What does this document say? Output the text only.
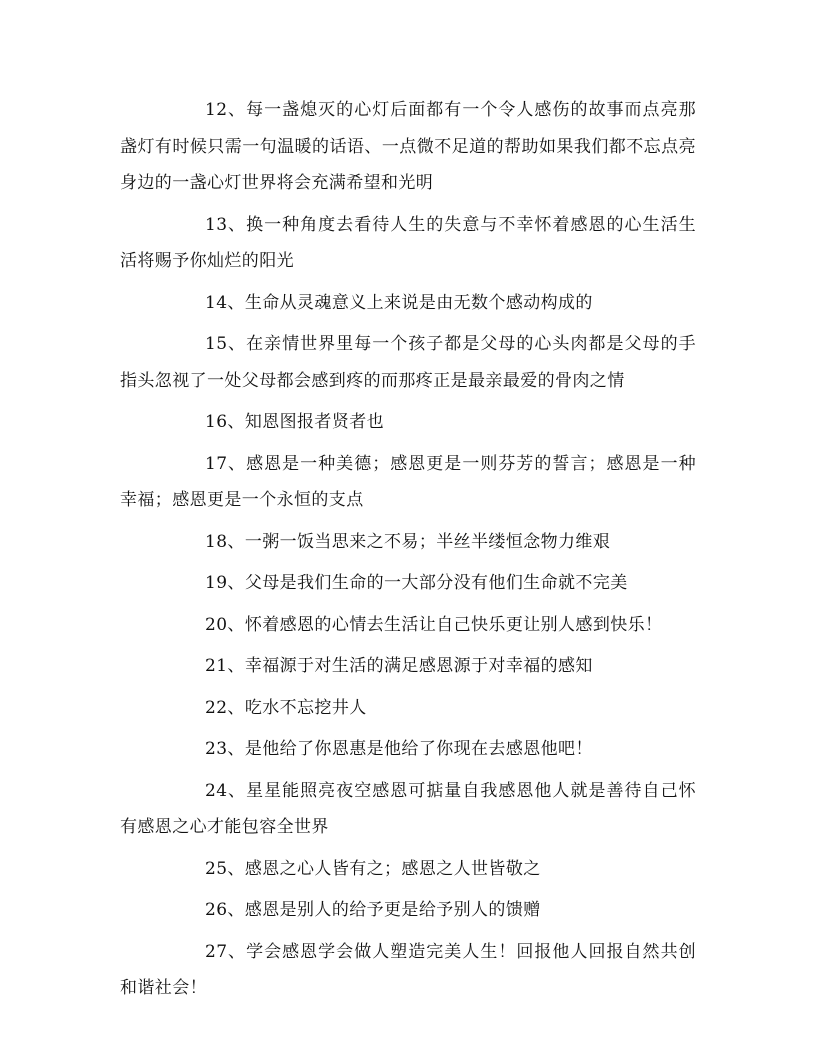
12、每一盏熄灭的心灯后面都有一个令人感伤的故事而点亮那盏灯有时候只需一句温暖的话语、一点微不足道的帮助如果我们都不忘点亮身边的一盏心灯世界将会充满希望和光明

13、换一种角度去看待人生的失意与不幸怀着感恩的心生活生活将赐予你灿烂的阳光

14、生命从灵魂意义上来说是由无数个感动构成的

15、在亲情世界里每一个孩子都是父母的心头肉都是父母的手指头忽视了一处父母都会感到疼的而那疼正是最亲最爱的骨肉之情

16、知恩图报者贤者也

17、感恩是一种美德；感恩更是一则芬芳的誓言；感恩是一种幸福；感恩更是一个永恒的支点

18、一粥一饭当思来之不易；半丝半缕恒念物力维艰

19、父母是我们生命的一大部分没有他们生命就不完美

20、怀着感恩的心情去生活让自己快乐更让别人感到快乐！

21、幸福源于对生活的满足感恩源于对幸福的感知

22、吃水不忘挖井人

23、是他给了你恩惠是他给了你现在去感恩他吧！

24、星星能照亮夜空感恩可掂量自我感恩他人就是善待自己怀有感恩之心才能包容全世界

25、感恩之心人皆有之；感恩之人世皆敬之

26、感恩是别人的给予更是给予别人的馈赠

27、学会感恩学会做人塑造完美人生！回报他人回报自然共创和谐社会！
